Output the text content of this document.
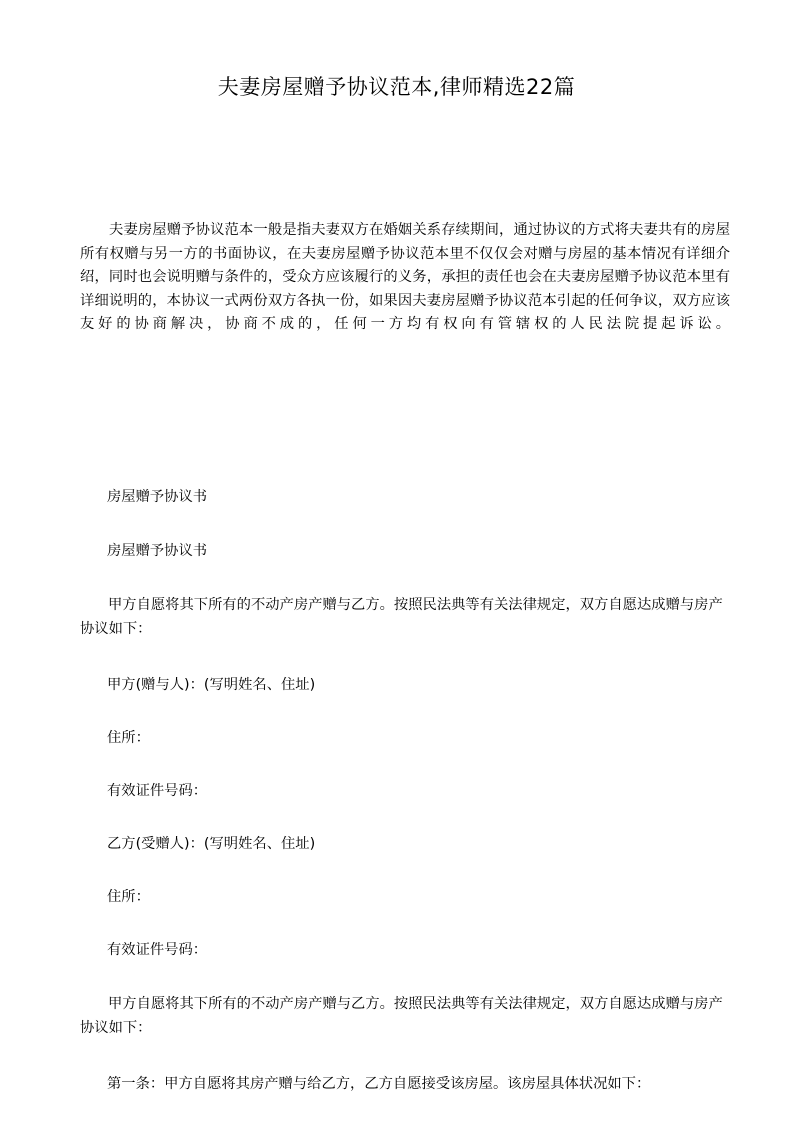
夫妻房屋赠予协议范本,律师精选22篇

夫妻房屋赠予协议范本一般是指夫妻双方在婚姻关系存续期间，通过协议的方式将夫妻共有的房屋所有权赠与另一方的书面协议，在夫妻房屋赠予协议范本里不仅仅会对赠与房屋的基本情况有详细介绍，同时也会说明赠与条件的，受众方应该履行的义务，承担的责任也会在夫妻房屋赠予协议范本里有详细说明的，本协议一式两份双方各执一份，如果因夫妻房屋赠予协议范本引起的任何争议，双方应该友好的协商解决，协商不成的，任何一方均有权向有管辖权的人民法院提起诉讼。

房屋赠予协议书

房屋赠予协议书

甲方自愿将其下所有的不动产房产赠与乙方。按照民法典等有关法律规定，双方自愿达成赠与房产协议如下：

甲方(赠与人)：(写明姓名、住址)

住所：

有效证件号码：

乙方(受赠人)：(写明姓名、住址)

住所：

有效证件号码：

甲方自愿将其下所有的不动产房产赠与乙方。按照民法典等有关法律规定，双方自愿达成赠与房产协议如下：

第一条：甲方自愿将其房产赠与给乙方，乙方自愿接受该房屋。该房屋具体状况如下：
